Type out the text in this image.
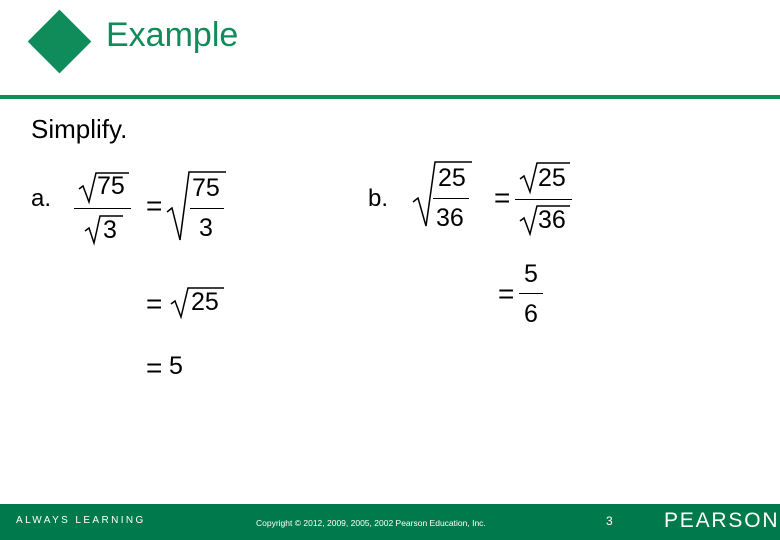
Example
Simplify.
a. 75
3
=
75
3
= 25
= 5
b.
25
36
=
25
36
=
5
6
ALWAYS LEARNING	Copyright © 2012, 2009, 2005, 2002 Pearson Education, Inc.	3 PEARSON
